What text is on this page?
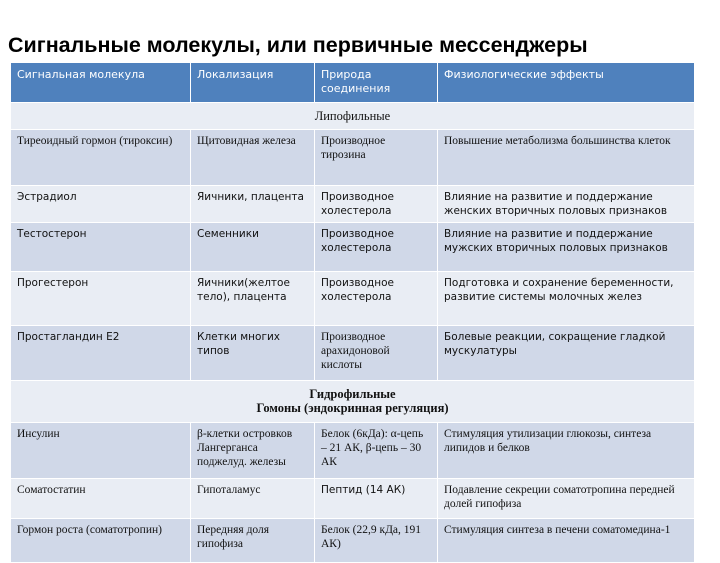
Сигнальные молекулы, или первичные мессенджеры
Сигнальная молекула	Локализация	Природа соединения	Физиологические эффекты
Липофильные			
Тиреоидный гормон (тироксин)	Щитовидная железа	Производное тирозина	Повышение метаболизма большинства клеток
Эстрадиол	Яичники, плацента	Производное холестерола	Влияние на развитие и поддержание женских вторичных половых признаков
Тестостерон	Семенники	Производное холестерола	Влияние на развитие и поддержание мужских вторичных половых признаков
Прогестерон	Яичники(желтое тело), плацента	Производное холестерола	Подготовка и сохранение беременности, развитие системы молочных желез
Простагландин Е2	Клетки многих типов	Производное арахидоновой кислоты	Болевые реакции, сокращение гладкой мускулатуры
Гидрофильные
Гомоны (эндокринная регуляция)			
Инсулин	β-клетки островков Лангерганса поджелуд. железы	Белок (6кДа): α-цепь – 21 АК, β-цепь – 30 АК	Стимуляция утилизации глюкозы, синтеза липидов и белков
Соматостатин	Гипоталамус	Пептид (14 АК)	Подавление секреции соматотропина передней долей гипофиза
Гормон роста (соматотропин)	Передняя доля гипофиза	Белок (22,9 кДа, 191 АК)	Стимуляция синтеза в печени соматомедина-1
